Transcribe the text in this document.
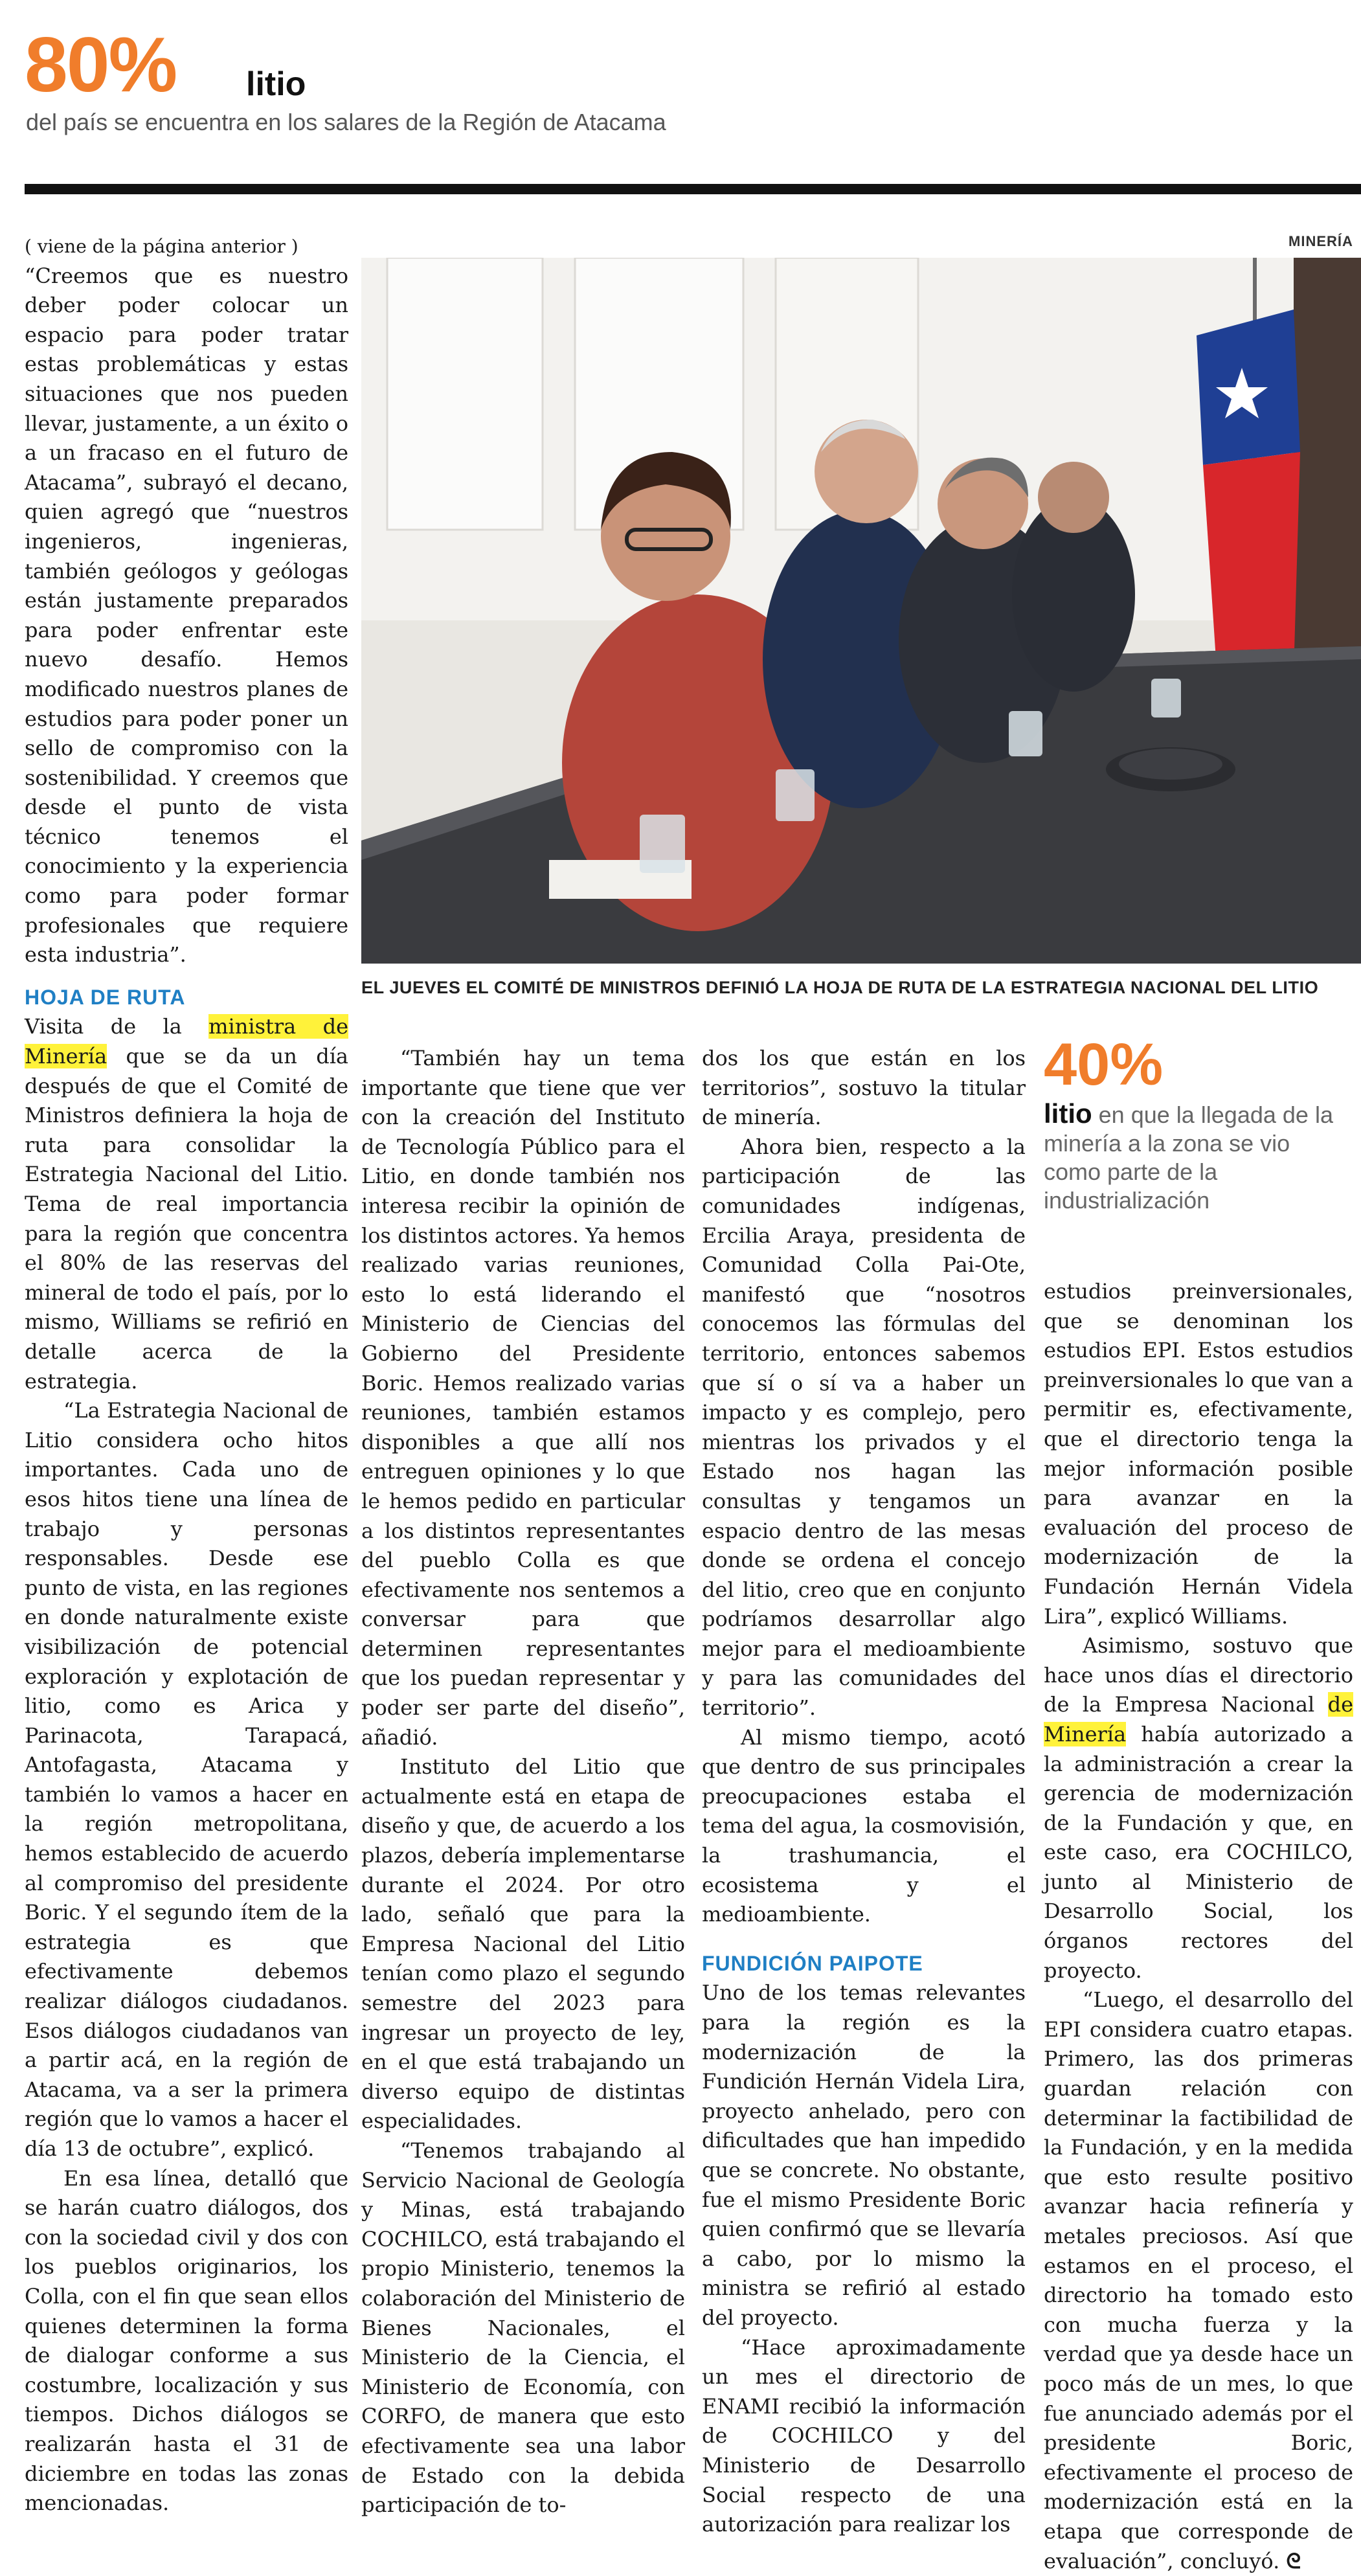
80% litio
del país se encuentra en los salares de la Región de Atacama
MINERÍA
EL JUEVES EL COMITÉ DE MINISTROS DEFINIÓ LA HOJA DE RUTA DE LA ESTRATEGIA NACIONAL DEL LITIO

( viene de la página anterior )

“Creemos que es nuestro deber poder colocar un espacio para poder tratar estas problemáticas y estas situaciones que nos pueden llevar, justamente, a un éxito o a un fracaso en el futuro de Atacama”, subrayó el decano, quien agregó que “nuestros ingenieros, ingenieras, también geólogos y geólogas están justamente preparados para poder enfrentar este nuevo desafío. Hemos modificado nuestros planes de estudios para poder poner un sello de compromiso con la sostenibilidad. Y creemos que desde el punto de vista técnico tenemos el conocimiento y la experiencia como para poder formar profesionales que requiere esta industria”.

HOJA DE RUTA

Visita de la ministra de Minería que se da un día después de que el Comité de Ministros definiera la hoja de ruta para consolidar la Estrategia Nacional del Litio. Tema de real importancia para la región que concentra el 80% de las reservas del mineral de todo el país, por lo mismo, Williams se refirió en detalle acerca de la estrategia.

“La Estrategia Nacional de Litio considera ocho hitos importantes. Cada uno de esos hitos tiene una línea de trabajo y personas responsables. Desde ese punto de vista, en las regiones en donde naturalmente existe visibilización de potencial exploración y explotación de litio, como es Arica y Parinacota, Tarapacá, Antofagasta, Atacama y también lo vamos a hacer en la región metropolitana, hemos establecido de acuerdo al compromiso del presidente Boric. Y el segundo ítem de la estrategia es que efectivamente debemos realizar diálogos ciudadanos. Esos diálogos ciudadanos van a partir acá, en la región de Atacama, va a ser la primera región que lo vamos a hacer el día 13 de octubre”, explicó.

En esa línea, detalló que se harán cuatro diálogos, dos con la sociedad civil y dos con los pueblos originarios, los Colla, con el fin que sean ellos quienes determinen la forma de dialogar conforme a sus costumbre, localización y sus tiempos. Dichos diálogos se realizarán hasta el 31 de diciembre en todas las zonas mencionadas.

“También hay un tema importante que tiene que ver con la creación del Instituto de Tecnología Público para el Litio, en donde también nos interesa recibir la opinión de los distintos actores. Ya hemos realizado varias reuniones, esto lo está liderando el Ministerio de Ciencias del Gobierno del Presidente Boric. Hemos realizado varias reuniones, también estamos disponibles a que allí nos entreguen opiniones y lo que le hemos pedido en particular a los distintos representantes del pueblo Colla es que efectivamente nos sentemos a conversar para que determinen representantes que los puedan representar y poder ser parte del diseño”, añadió.

Instituto del Litio que actualmente está en etapa de diseño y que, de acuerdo a los plazos, debería implementarse durante el 2024. Por otro lado, señaló que para la Empresa Nacional del Litio tenían como plazo el segundo semestre del 2023 para ingresar un proyecto de ley, en el que está trabajando un diverso equipo de distintas especialidades.

“Tenemos trabajando al Servicio Nacional de Geología y Minas, está trabajando COCHILCO, está trabajando el propio Ministerio, tenemos la colaboración del Ministerio de Bienes Nacionales, el Ministerio de la Ciencia, el Ministerio de Economía, con CORFO, de manera que esto efectivamente sea una labor de Estado con la debida participación de to-

dos los que están en los territorios”, sostuvo la titular de minería.

Ahora bien, respecto a la participación de las comunidades indígenas, Ercilia Araya, presidenta de Comunidad Colla Pai-Ote, manifestó que “nosotros conocemos las fórmulas del territorio, entonces sabemos que sí o sí va a haber un impacto y es complejo, pero mientras los privados y el Estado nos hagan las consultas y tengamos un espacio dentro de las mesas donde se ordena el concejo del litio, creo que en conjunto podríamos desarrollar algo mejor para el medioambiente y para las comunidades del territorio”.

Al mismo tiempo, acotó que dentro de sus principales preocupaciones estaba el tema del agua, la cosmovisión, la trashumancia, el ecosistema y el medioambiente.

FUNDICIÓN PAIPOTE

Uno de los temas relevantes para la región es la modernización de la Fundición Hernán Videla Lira, proyecto anhelado, pero con dificultades que han impedido que se concrete. No obstante, fue el mismo Presidente Boric quien confirmó que se llevaría a cabo, por lo mismo la ministra se refirió al estado del proyecto.

“Hace aproximadamente un mes el directorio de ENAMI recibió la información de COCHILCO y del Ministerio de Desarrollo Social respecto de una autorización para realizar los

40%
litio en que la llegada de la minería a la zona se vio como parte de la industrialización

estudios preinversionales, que se denominan los estudios EPI. Estos estudios preinversionales lo que van a permitir es, efectivamente, que el directorio tenga la mejor información posible para avanzar en la evaluación del proceso de modernización de la Fundación Hernán Videla Lira”, explicó Williams.

Asimismo, sostuvo que hace unos días el directorio de la Empresa Nacional de Minería había autorizado a la administración a crear la gerencia de modernización de la Fundación y que, en este caso, era COCHILCO, junto al Ministerio de Desarrollo Social, los órganos rectores del proyecto.

“Luego, el desarrollo del EPI considera cuatro etapas. Primero, las dos primeras guardan relación con determinar la factibilidad de la Fundación, y en la medida que esto resulte positivo avanzar hacia refinería y metales preciosos. Así que estamos en el proceso, el directorio ha tomado esto con mucha fuerza y la verdad que ya desde hace un poco más de un mes, lo que fue anunciado además por el presidente Boric, efectivamente el proceso de modernización está en la etapa que corresponde de evaluación”, concluyó. ᘓ
